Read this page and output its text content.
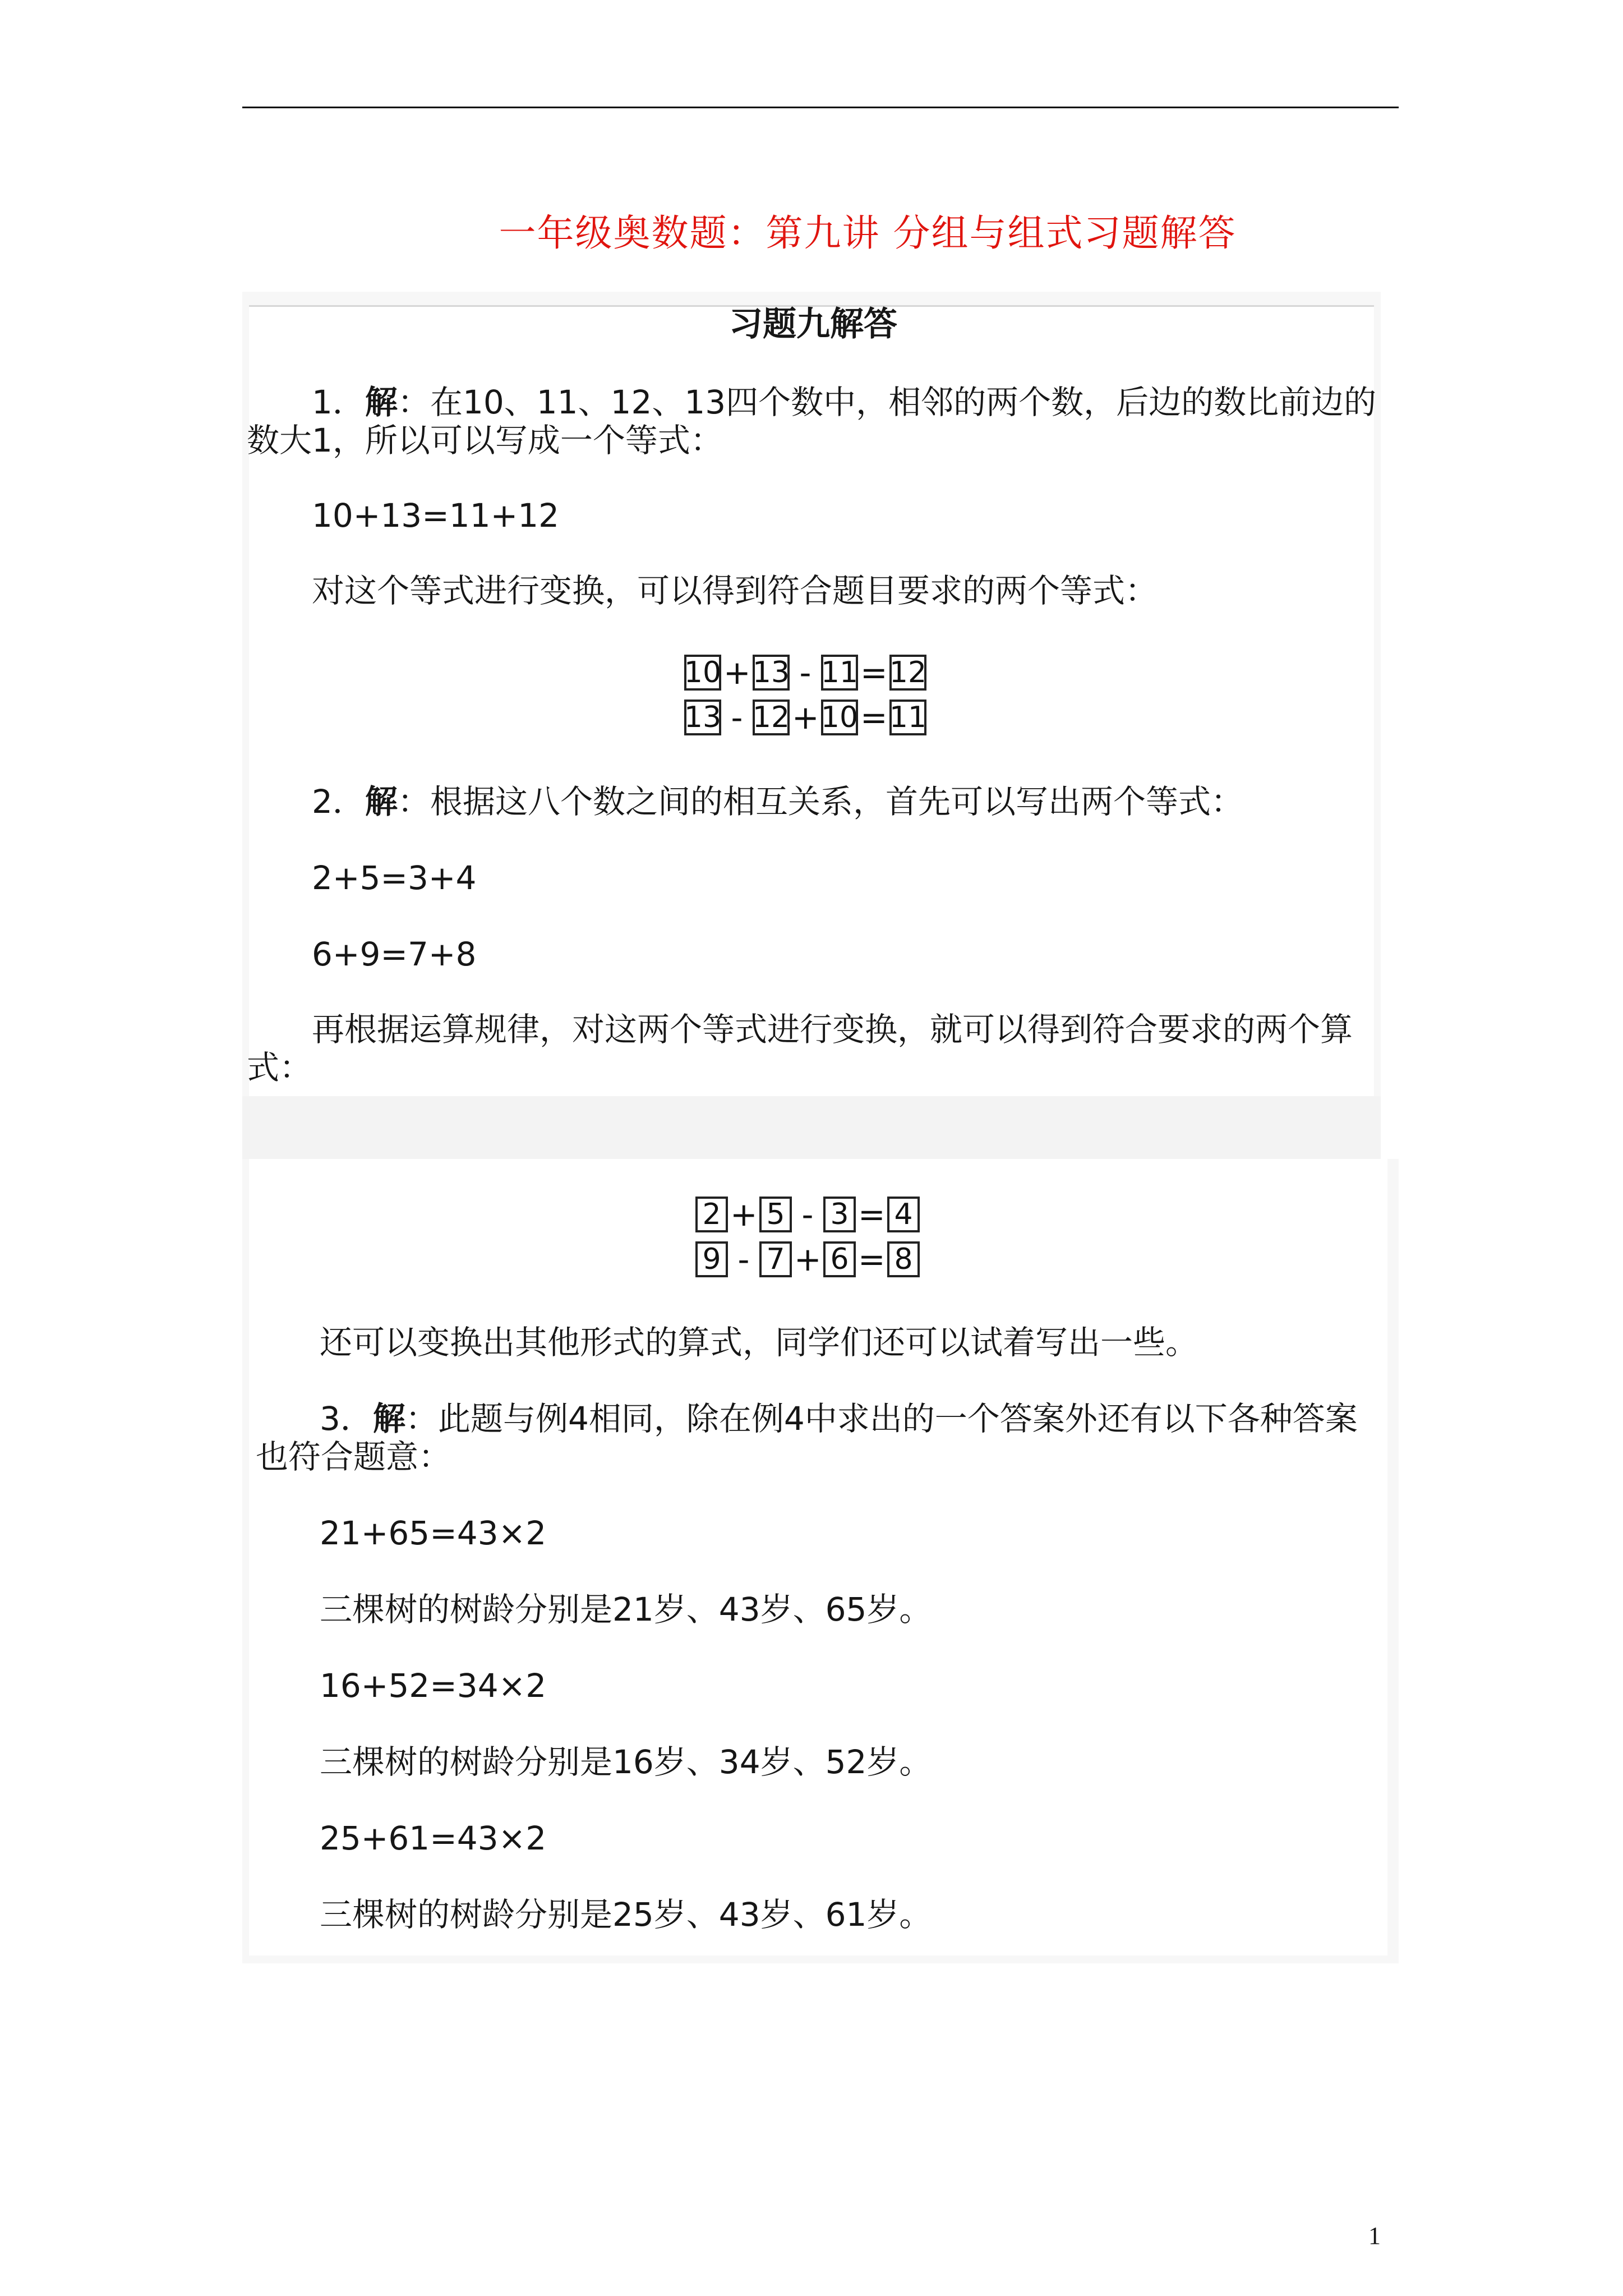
一年级奥数题：第九讲 分组与组式习题解答
习题九解答
1．解：在10、11、12、13四个数中，相邻的两个数，后边的数比前边的
数大1，所以可以写成一个等式：
10+13=11+12
对这个等式进行变换，可以得到符合题目要求的两个等式：
10 + 13 - 11 = 12
13 - 12 + 10 = 11
2．解：根据这八个数之间的相互关系，首先可以写出两个等式：
2+5=3+4
6+9=7+8
再根据运算规律，对这两个等式进行变换，就可以得到符合要求的两个算
式：
2 + 5 - 3 = 4
9 - 7 + 6 = 8
还可以变换出其他形式的算式，同学们还可以试着写出一些。
3．解：此题与例4相同，除在例4中求出的一个答案外还有以下各种答案
也符合题意：
21+65=43×2
三棵树的树龄分别是21岁、43岁、65岁。
16+52=34×2
三棵树的树龄分别是16岁、34岁、52岁。
25+61=43×2
三棵树的树龄分别是25岁、43岁、61岁。
1
